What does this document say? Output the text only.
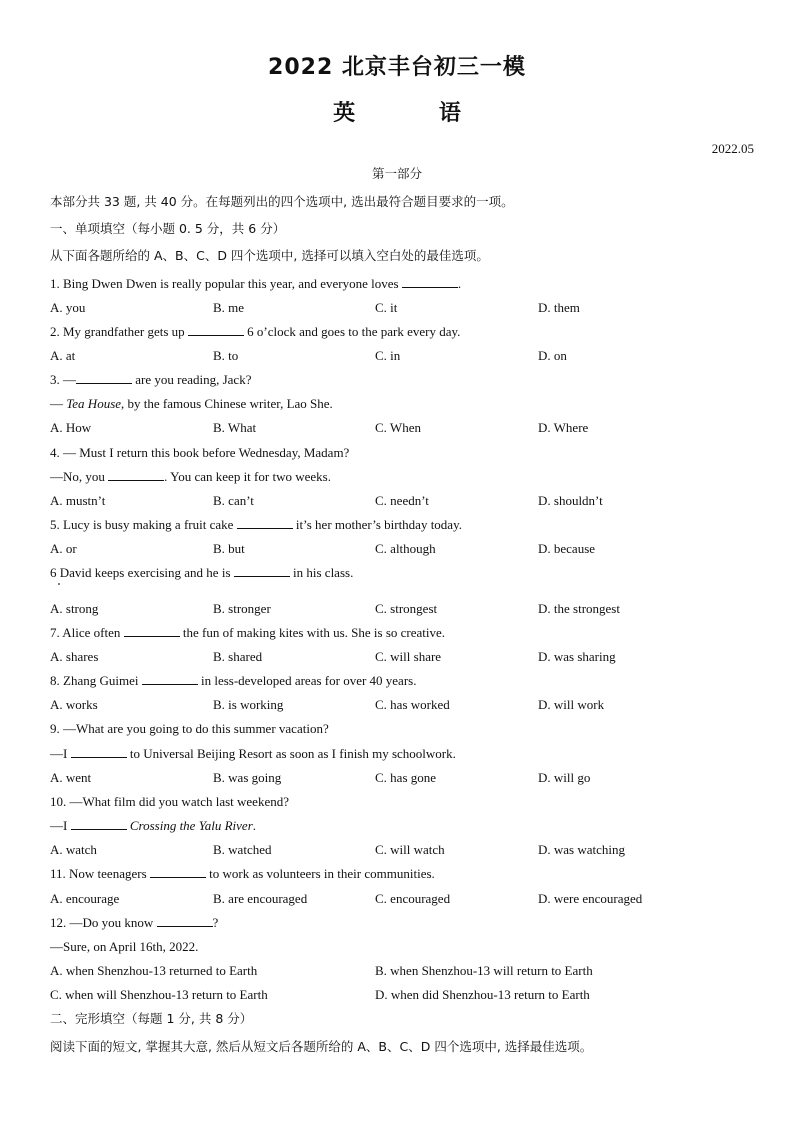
2022 北京丰台初三一模
英 语
2022.05
第一部分
本部分共 33 题, 共 40 分。在每题列出的四个选项中, 选出最符合题目要求的一项。
一、单项填空（每小题 0. 5 分，共 6 分）
从下面各题所给的 A、B、C、D 四个选项中, 选择可以填入空白处的最佳选项。
1. Bing Dwen Dwen is really popular this year, and everyone loves	.
A. you	B. me	C. it	D. them
2. My grandfather gets up	6 o’clock and goes to the park every day.
A. at	B. to	C. in	D. on
3. —	are you reading, Jack?
— Tea House, by the famous Chinese writer, Lao She.
A. How	B. What	C. When	D. Where
4. — Must I return this book before Wednesday, Madam?
—No, you	. You can keep it for two weeks.
A. mustn’t	B. can’t	C. needn’t	D. shouldn’t
5. Lucy is busy making a fruit cake	it’s her mother’s birthday today.
A. or	B. but	C. although	D. because
6 David keeps exercising and he is	in his class.
A. strong	B. stronger	C. strongest	D. the strongest
7. Alice often	the fun of making kites with us. She is so creative.
A. shares	B. shared	C. will share	D. was sharing
8. Zhang Guimei	in less-developed areas for over 40 years.
A. works	B. is working	C. has worked	D. will work
9. —What are you going to do this summer vacation?
—I	to Universal Beijing Resort as soon as I finish my schoolwork.
A. went	B. was going	C. has gone	D. will go
10. —What film did you watch last weekend?
—I	Crossing the Yalu River.
A. watch	B. watched	C. will watch	D. was watching
11. Now teenagers	to work as volunteers in their communities.
A. encourage	B. are encouraged	C. encouraged	D. were encouraged
12. —Do you know	?
—Sure, on April 16th, 2022.
A. when Shenzhou-13 returned to Earth	B. when Shenzhou-13 will return to Earth
C. when will Shenzhou-13 return to Earth	D. when did Shenzhou-13 return to Earth
二、完形填空（每题 1 分, 共 8 分）
阅读下面的短文, 掌握其大意, 然后从短文后各题所给的 A、B、C、D 四个选项中, 选择最佳选项。
